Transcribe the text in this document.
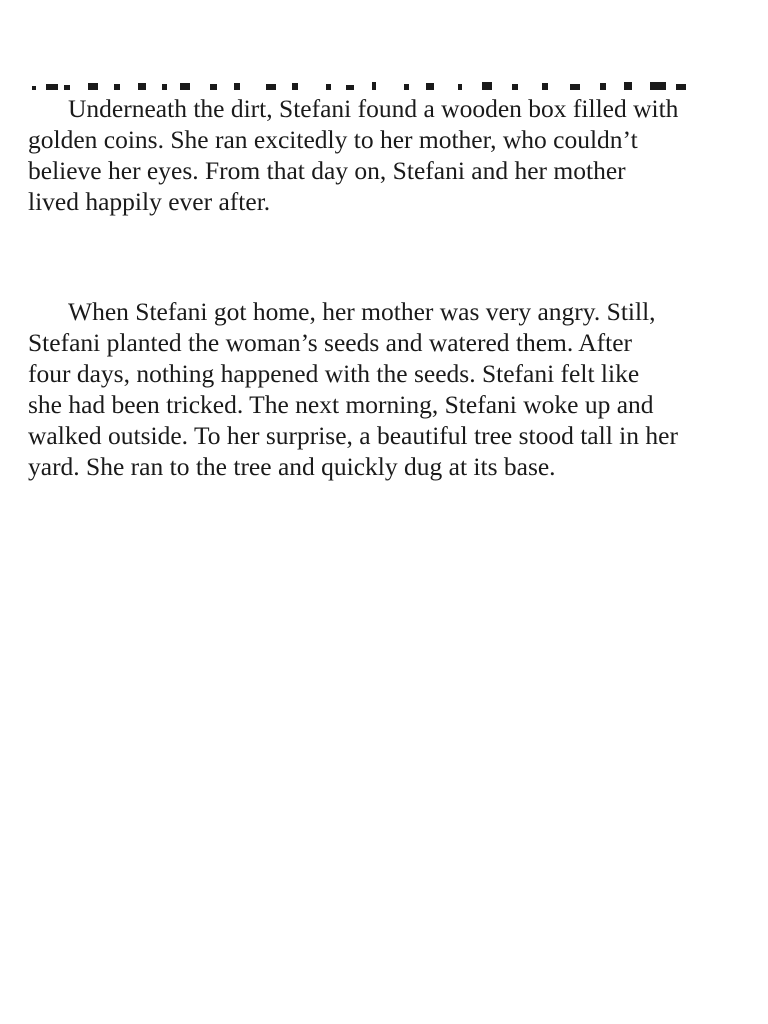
Underneath the dirt, Stefani found a wooden box filled with
golden coins. She ran excitedly to her mother, who couldn’t
believe her eyes. From that day on, Stefani and her mother
lived happily ever after.
When Stefani got home, her mother was very angry. Still,
Stefani planted the woman’s seeds and watered them. After
four days, nothing happened with the seeds. Stefani felt like
she had been tricked. The next morning, Stefani woke up and
walked outside. To her surprise, a beautiful tree stood tall in her
yard. She ran to the tree and quickly dug at its base.
